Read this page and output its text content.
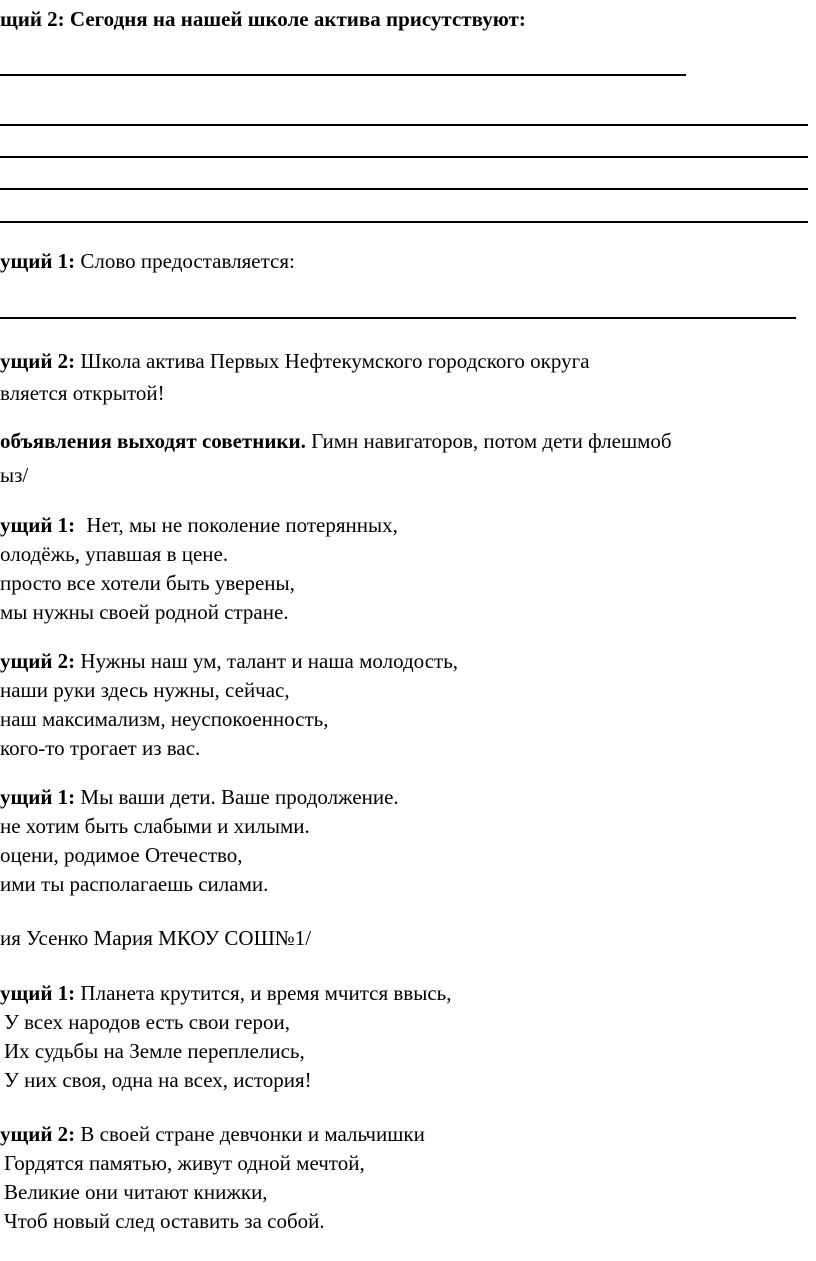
щий 2: Сегодня на нашей школе актива присутствуют:
ущий 1: Слово предоставляется:
ущий 2: Школа актива Первых Нефтекумского городского округа
вляется открытой!
объявления выходят советники. Гимн навигаторов, потом дети флешмоб
ыз/
ущий 1: Нет, мы не поколение потерянных,
олодёжь, упавшая в цене.
просто все хотели быть уверены,
мы нужны своей родной стране.
ущий 2: Нужны наш ум, талант и наша молодость,
наши руки здесь нужны, сейчас,
наш максимализм, неуспокоенность,
кого-то трогает из вас.
ущий 1: Мы ваши дети. Ваше продолжение.
не хотим быть слабыми и хилыми.
оцени, родимое Отечество,
ими ты располагаешь силами.
ия Усенко Мария МКОУ СОШ№1/
ущий 1: Планета крутится, и время мчится ввысь,
У всех народов есть свои герои,
Их судьбы на Земле переплелись,
У них своя, одна на всех, история!
ущий 2: В своей стране девчонки и мальчишки
Гордятся памятью, живут одной мечтой,
Великие они читают книжки,
Чтоб новый след оставить за собой.
